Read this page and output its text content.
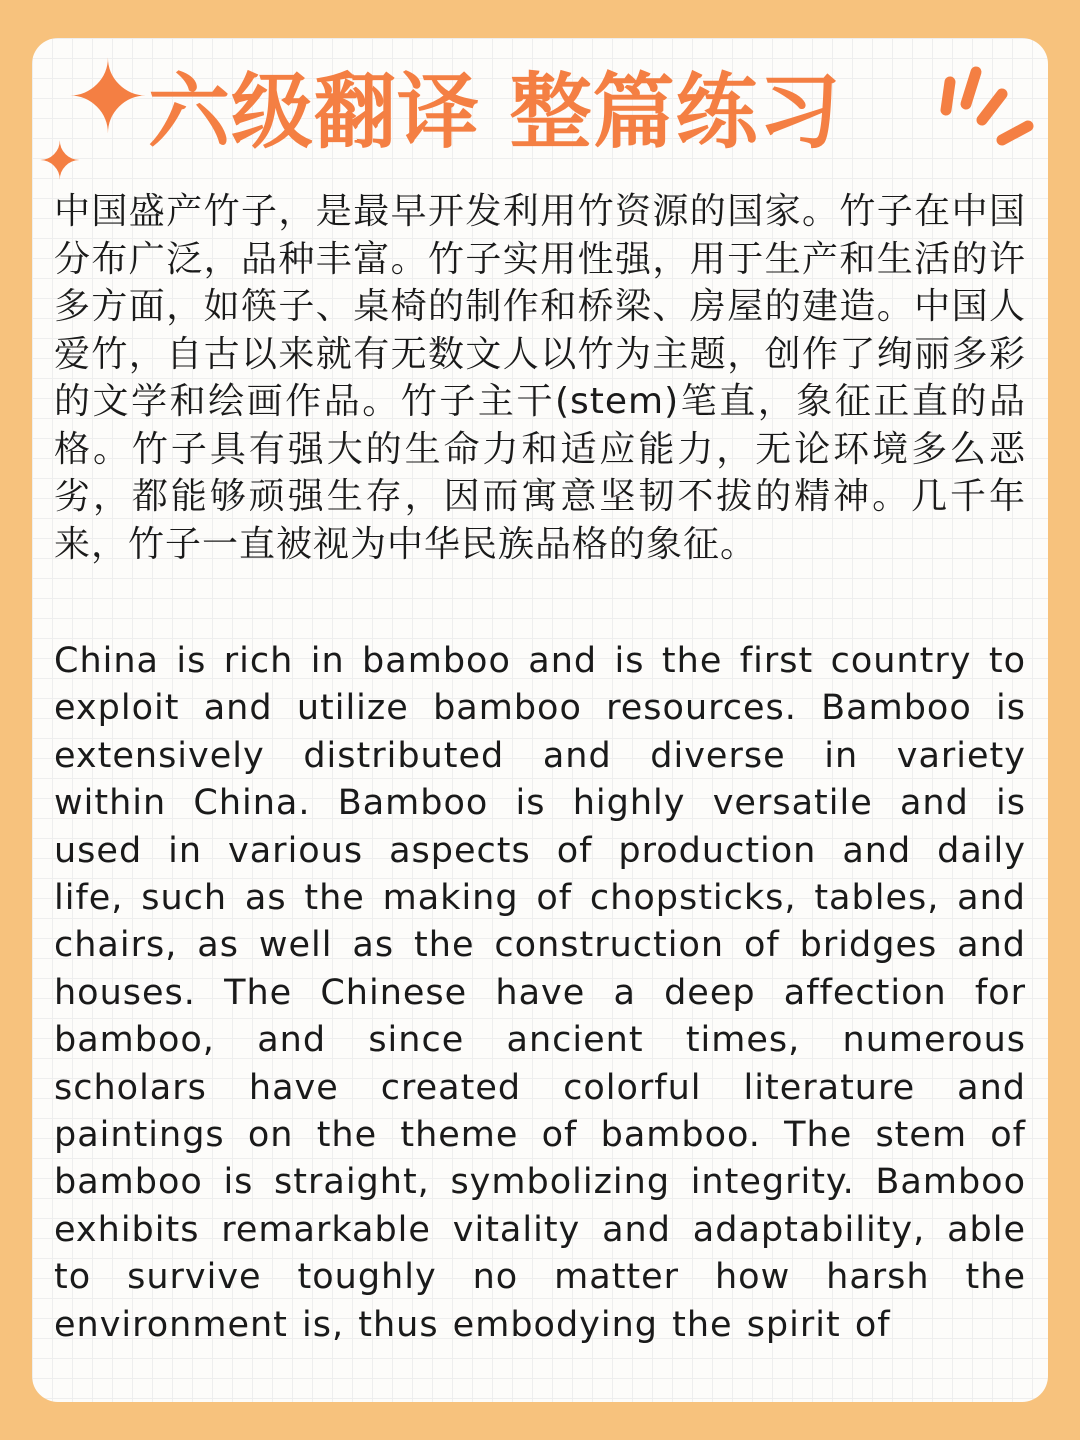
✦
✦
六级翻译 整篇练习

中国盛产竹子，是最早开发利用竹资源的国家。竹子在中国分布广泛，品种丰富。竹子实用性强，用于生产和生活的许多方面，如筷子、桌椅的制作和桥梁、房屋的建造。中国人爱竹，自古以来就有无数文人以竹为主题，创作了绚丽多彩的文学和绘画作品。竹子主干(stem)笔直，象征正直的品格。竹子具有强大的生命力和适应能力，无论环境多么恶劣，都能够顽强生存，因而寓意坚韧不拔的精神。几千年来，竹子一直被视为中华民族品格的象征。

China is rich in bamboo and is the first country to exploit and utilize bamboo resources. Bamboo is extensively distributed and diverse in variety within China. Bamboo is highly versatile and is used in various aspects of production and daily life, such as the making of chopsticks, tables, and chairs, as well as the construction of bridges and houses. The Chinese have a deep affection for bamboo, and since ancient times, numerous scholars have created colorful literature and paintings on the theme of bamboo. The stem of bamboo is straight, symbolizing integrity. Bamboo exhibits remarkable vitality and adaptability, able to survive toughly no matter how harsh the environment is, thus embodying the spirit of
